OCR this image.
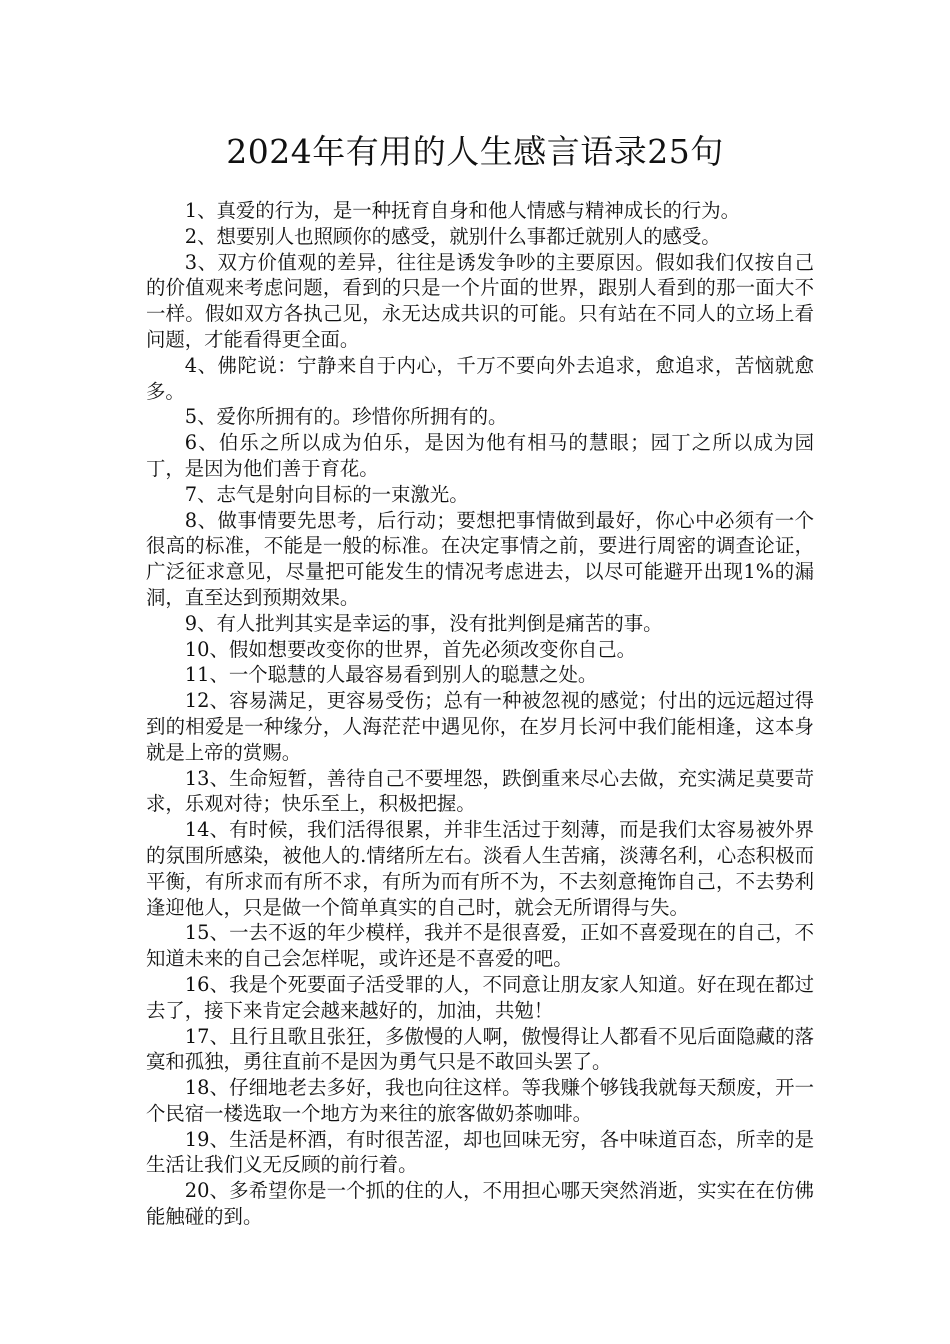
2024年有用的人生感言语录25句

1、真爱的行为，是一种抚育自身和他人情感与精神成长的行为。

2、想要别人也照顾你的感受，就别什么事都迁就别人的感受。

3、双方价值观的差异，往往是诱发争吵的主要原因。假如我们仅按自己的价值观来考虑问题，看到的只是一个片面的世界，跟别人看到的那一面大不一样。假如双方各执己见，永无达成共识的可能。只有站在不同人的立场上看问题，才能看得更全面。

4、佛陀说：宁静来自于内心，千万不要向外去追求，愈追求，苦恼就愈多。

5、爱你所拥有的。珍惜你所拥有的。

6、伯乐之所以成为伯乐，是因为他有相马的慧眼；园丁之所以成为园丁，是因为他们善于育花。

7、志气是射向目标的一束激光。

8、做事情要先思考，后行动；要想把事情做到最好，你心中必须有一个很高的标准，不能是一般的标准。在决定事情之前，要进行周密的调查论证，广泛征求意见，尽量把可能发生的情况考虑进去，以尽可能避开出现1%的漏洞，直至达到预期效果。

9、有人批判其实是幸运的事，没有批判倒是痛苦的事。

10、假如想要改变你的世界，首先必须改变你自己。

11、一个聪慧的人最容易看到别人的聪慧之处。

12、容易满足，更容易受伤；总有一种被忽视的感觉；付出的远远超过得到的相爱是一种缘分，人海茫茫中遇见你，在岁月长河中我们能相逢，这本身就是上帝的赏赐。

13、生命短暂，善待自己不要埋怨，跌倒重来尽心去做，充实满足莫要苛求，乐观对待；快乐至上，积极把握。

14、有时候，我们活得很累，并非生活过于刻薄，而是我们太容易被外界的氛围所感染，被他人的.情绪所左右。淡看人生苦痛，淡薄名利，心态积极而平衡，有所求而有所不求，有所为而有所不为，不去刻意掩饰自己，不去势利逢迎他人，只是做一个简单真实的自己时，就会无所谓得与失。

15、一去不返的年少模样，我并不是很喜爱，正如不喜爱现在的自己，不知道未来的自己会怎样呢，或许还是不喜爱的吧。

16、我是个死要面子活受罪的人，不同意让朋友家人知道。好在现在都过去了，接下来肯定会越来越好的，加油，共勉！

17、且行且歌且张狂，多傲慢的人啊，傲慢得让人都看不见后面隐藏的落寞和孤独，勇往直前不是因为勇气只是不敢回头罢了。

18、仔细地老去多好，我也向往这样。等我赚个够钱我就每天颓废，开一个民宿一楼选取一个地方为来往的旅客做奶茶咖啡。

19、生活是杯酒，有时很苦涩，却也回味无穷，各中味道百态，所幸的是生活让我们义无反顾的前行着。

20、多希望你是一个抓的住的人，不用担心哪天突然消逝，实实在在仿佛能触碰的到。
